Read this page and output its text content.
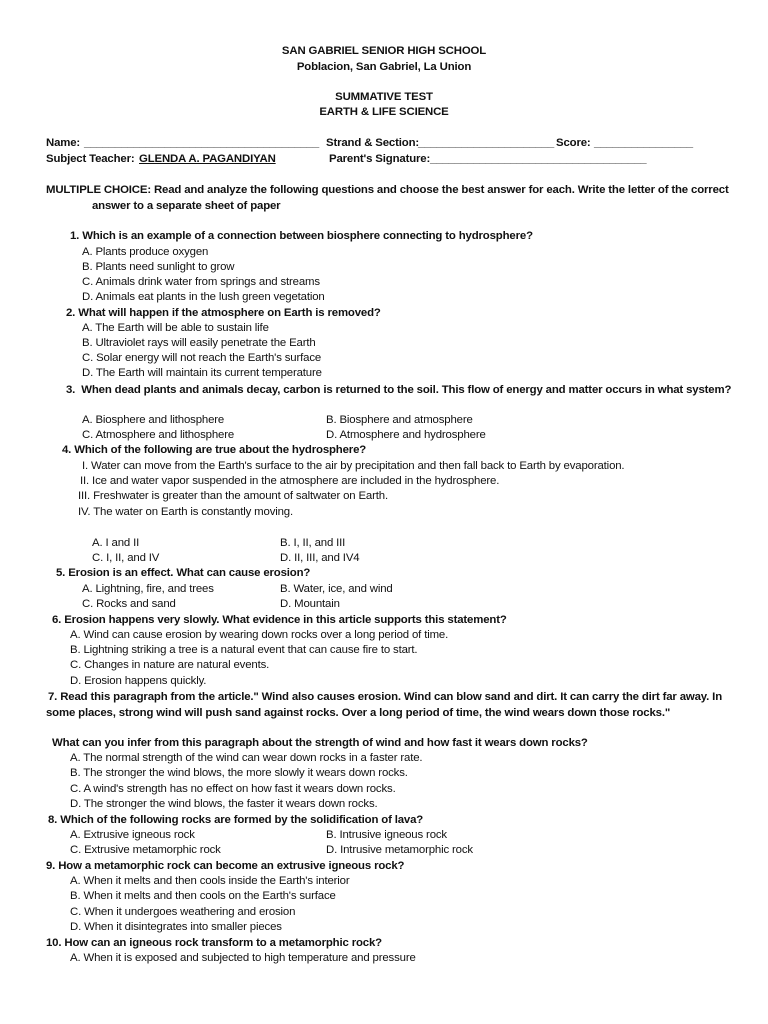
SAN GABRIEL SENIOR HIGH SCHOOL
Poblacion, San Gabriel, La Union
SUMMATIVE TEST
EARTH & LIFE SCIENCE
Name: ______________________________________ Strand & Section:
______________________ Score: ________________
Subject Teacher: GLENDA A. PAGANDIYAN	Parent's Signature: ___________________________________
MULTIPLE CHOICE: Read and analyze the following questions and choose the best answer for each. Write the letter of the correct
answer to a separate sheet of paper
1. Which is an example of a connection between biosphere connecting to hydrosphere?
A. Plants produce oxygen
B. Plants need sunlight to grow
C. Animals drink water from springs and streams
D. Animals eat plants in the lush green vegetation
2. What will happen if the atmosphere on Earth is removed?
A. The Earth will be able to sustain life
B. Ultraviolet rays will easily penetrate the Earth
C. Solar energy will not reach the Earth's surface
D. The Earth will maintain its current temperature
3.  When dead plants and animals decay, carbon is returned to the soil. This flow of energy and matter occurs in what system?
A. Biosphere and lithosphere	B. Biosphere and atmosphere
C. Atmosphere and lithosphere	D. Atmosphere and hydrosphere
4. Which of the following are true about the hydrosphere?
I. Water can move from the Earth's surface to the air by precipitation and then fall back to Earth by evaporation.
II. Ice and water vapor suspended in the atmosphere are included in the hydrosphere.
III. Freshwater is greater than the amount of saltwater on Earth.
IV. The water on Earth is constantly moving.
A. I and II	B. I, II, and III
C. I, II, and IV	D. II, III, and IV4
5. Erosion is an effect. What can cause erosion?
A. Lightning, fire, and trees	B. Water, ice, and wind
C. Rocks and sand	D. Mountain
6. Erosion happens very slowly. What evidence in this article supports this statement?
A. Wind can cause erosion by wearing down rocks over a long period of time.
B. Lightning striking a tree is a natural event that can cause fire to start.
C. Changes in nature are natural events.
D. Erosion happens quickly.
7. Read this paragraph from the article." Wind also causes erosion. Wind can blow sand and dirt. It can carry the dirt far away. In
some places, strong wind will push sand against rocks. Over a long period of time, the wind wears down those rocks."
What can you infer from this paragraph about the strength of wind and how fast it wears down rocks?
A. The normal strength of the wind can wear down rocks in a faster rate.
B. The stronger the wind blows, the more slowly it wears down rocks.
C. A wind's strength has no effect on how fast it wears down rocks.
D. The stronger the wind blows, the faster it wears down rocks.
8. Which of the following rocks are formed by the solidification of lava?
A. Extrusive igneous rock	B. Intrusive igneous rock
C. Extrusive metamorphic rock	D. Intrusive metamorphic rock
9. How a metamorphic rock can become an extrusive igneous rock?
A. When it melts and then cools inside the Earth's interior
B. When it melts and then cools on the Earth's surface
C. When it undergoes weathering and erosion
D. When it disintegrates into smaller pieces
10. How can an igneous rock transform to a metamorphic rock?
A. When it is exposed and subjected to high temperature and pressure
